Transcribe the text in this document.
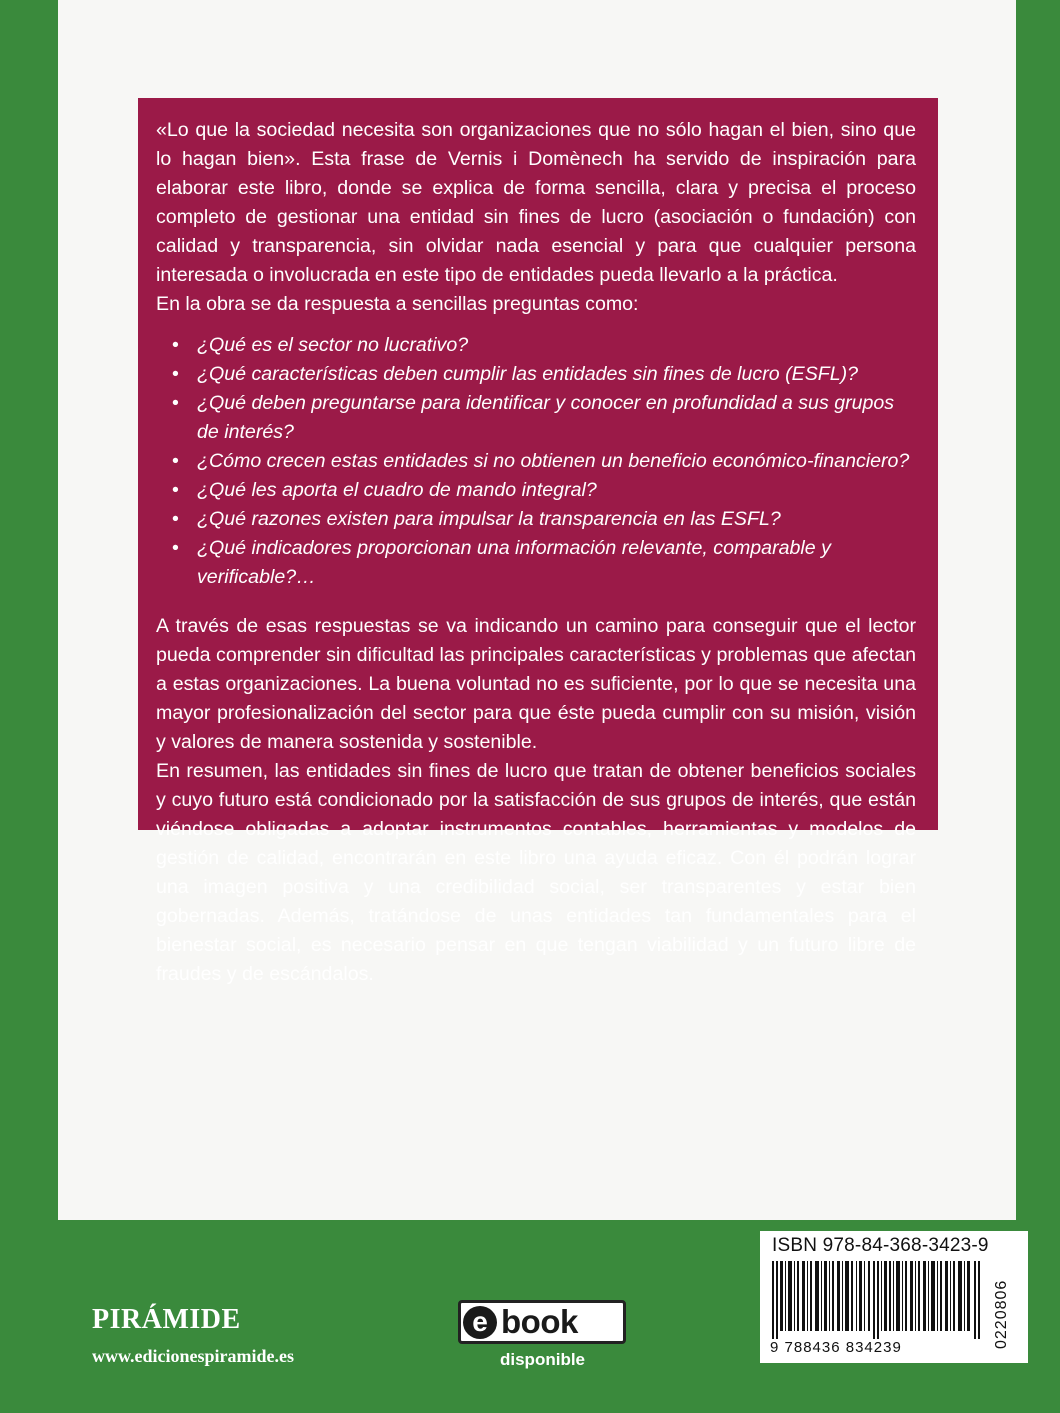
«Lo que la sociedad necesita son organizaciones que no sólo hagan el bien, sino que lo hagan bien». Esta frase de Vernis i Domènech ha servido de inspiración para elaborar este libro, donde se explica de forma sencilla, clara y precisa el proceso completo de gestionar una entidad sin fines de lucro (asociación o fundación) con calidad y transparencia, sin olvidar nada esencial y para que cualquier persona interesada o involucrada en este tipo de entidades pueda llevarlo a la práctica.

En la obra se da respuesta a sencillas preguntas como:

• ¿Qué es el sector no lucrativo?
• ¿Qué características deben cumplir las entidades sin fines de lucro (ESFL)?
• ¿Qué deben preguntarse para identificar y conocer en profundidad a sus grupos de interés?
• ¿Cómo crecen estas entidades si no obtienen un beneficio económico-financiero?
• ¿Qué les aporta el cuadro de mando integral?
• ¿Qué razones existen para impulsar la transparencia en las ESFL?
• ¿Qué indicadores proporcionan una información relevante, comparable y verificable?…

A través de esas respuestas se va indicando un camino para conseguir que el lector pueda comprender sin dificultad las principales características y problemas que afectan a estas organizaciones. La buena voluntad no es suficiente, por lo que se necesita una mayor profesionalización del sector para que éste pueda cumplir con su misión, visión y valores de manera sostenida y sostenible.

En resumen, las entidades sin fines de lucro que tratan de obtener beneficios sociales y cuyo futuro está condicionado por la satisfacción de sus grupos de interés, que están viéndose obligadas a adoptar instrumentos contables, herramientas y modelos de gestión de calidad, encontrarán en este libro una ayuda eficaz. Con él podrán lograr una imagen positiva y una credibilidad social, ser transparentes y estar bien gobernadas. Además, tratándose de unas entidades tan fundamentales para el bienestar social, es necesario pensar en que tengan viabilidad y un futuro libre de fraudes y de escándalos.

PIRÁMIDE
www.edicionespiramide.es
e book
disponible
ISBN 978-84-368-3423-9
9 788436 834239	0220806
